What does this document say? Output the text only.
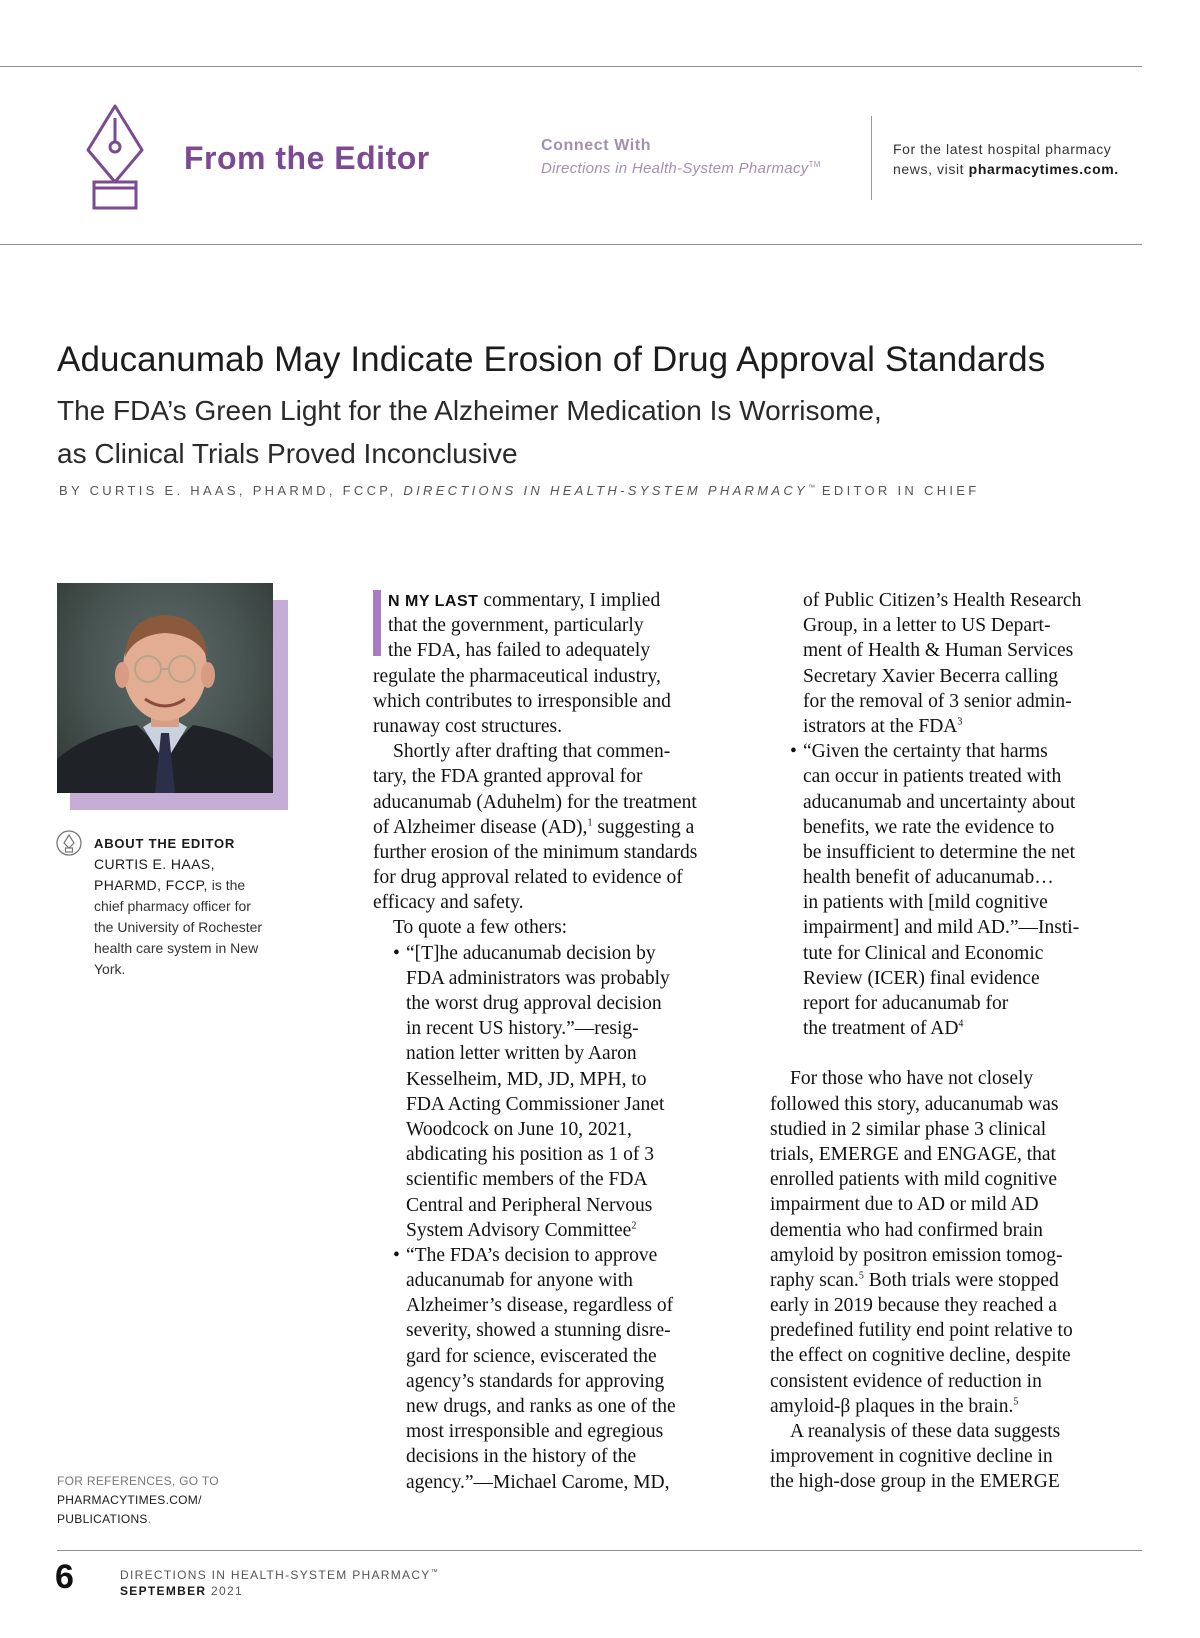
From the Editor	Connect With
Directions in Health-System Pharmacy™
For the latest hospital pharmacy news, visit pharmacytimes.com.
Aducanumab May Indicate Erosion of Drug Approval Standards
The FDA’s Green Light for the Alzheimer Medication Is Worrisome,
as Clinical Trials Proved Inconclusive
BY CURTIS E. HAAS, PHARMD, FCCP, DIRECTIONS IN HEALTH-SYSTEM PHARMACY™ EDITOR IN CHIEF
ABOUT THE EDITOR
CURTIS E. HAAS, PHARMD, FCCP, is the chief pharmacy officer for the University of Rochester health care system in New York.
FOR REFERENCES, GO TO
PHARMACYTIMES.COM/
PUBLICATIONS.
N MY LAST commentary, I implied
that the government, particularly
the FDA, has failed to adequately
regulate the pharmaceutical industry,
which contributes to irresponsible and
runaway cost structures.
Shortly after drafting that commen-
tary, the FDA granted approval for
aducanumab (Aduhelm) for the treatment
of Alzheimer disease (AD),$^1$ suggesting a
further erosion of the minimum standards
for drug approval related to evidence of
efficacy and safety.
To quote a few others:
• “[T]he aducanumab decision by
FDA administrators was probably
the worst drug approval decision
in recent US history.”—resig-
nation letter written by Aaron
Kesselheim, MD, JD, MPH, to
FDA Acting Commissioner Janet
Woodcock on June 10, 2021,
abdicating his position as 1 of 3
scientific members of the FDA
Central and Peripheral Nervous
System Advisory Committee$^2$
• “The FDA’s decision to approve
aducanumab for anyone with
Alzheimer’s disease, regardless of
severity, showed a stunning disre-
gard for science, eviscerated the
agency’s standards for approving
new drugs, and ranks as one of the
most irresponsible and egregious
decisions in the history of the
agency.”—Michael Carome, MD,
of Public Citizen’s Health Research
Group, in a letter to US Depart-
ment of Health & Human Services
Secretary Xavier Becerra calling
for the removal of 3 senior admin-
istrators at the FDA$^3$
• “Given the certainty that harms
can occur in patients treated with
aducanumab and uncertainty about
benefits, we rate the evidence to
be insufficient to determine the net
health benefit of aducanumab…
in patients with [mild cognitive
impairment] and mild AD.”—Insti-
tute for Clinical and Economic
Review (ICER) final evidence
report for aducanumab for
the treatment of $AD^4$
For those who have not closely
followed this story, aducanumab was
studied in 2 similar phase 3 clinical
trials, EMERGE and ENGAGE, that
enrolled patients with mild cognitive
impairment due to AD or mild AD
dementia who had confirmed brain
amyloid by positron emission tomog-
raphy scan.$^5$ Both trials were stopped
early in 2019 because they reached a
predefined futility end point relative to
the effect on cognitive decline, despite
consistent evidence of reduction in
amyloid-β plaques in the brain.$^5$
A reanalysis of these data suggests
improvement in cognitive decline in
the high-dose group in the EMERGE
6	DIRECTIONS IN HEALTH-SYSTEM PHARMACY™
SEPTEMBER 2021
